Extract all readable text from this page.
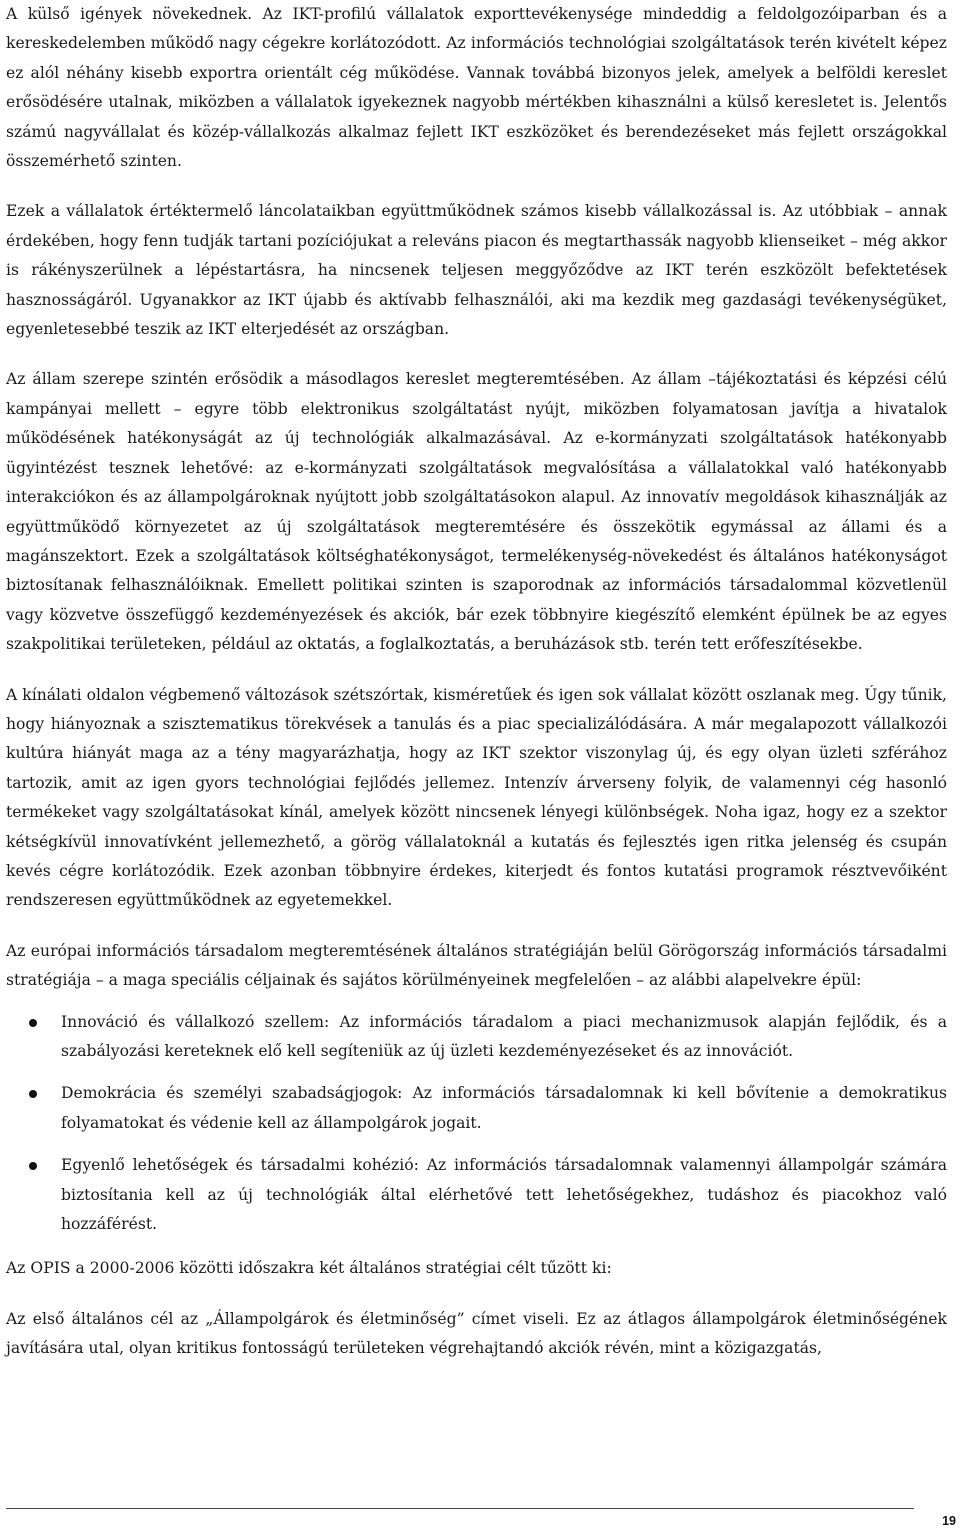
A külső igények növekednek. Az IKT-profilú vállalatok exporttevékenysége mindeddig a feldolgozóiparban és a kereskedelemben működő nagy cégekre korlátozódott. Az információs technológiai szolgáltatások terén kivételt képez ez alól néhány kisebb exportra orientált cég működése. Vannak továbbá bizonyos jelek, amelyek a belföldi kereslet erősödésére utalnak, miközben a vállalatok igyekeznek nagyobb mértékben kihasználni a külső keresletet is. Jelentős számú nagyvállalat és közép-vállalkozás alkalmaz fejlett IKT eszközöket és berendezéseket más fejlett országokkal összemérhető szinten.

Ezek a vállalatok értéktermelő láncolataikban együttműködnek számos kisebb vállalkozással is. Az utóbbiak – annak érdekében, hogy fenn tudják tartani pozíciójukat a releváns piacon és megtarthassák nagyobb klienseiket – még akkor is rákényszerülnek a lépéstartásra, ha nincsenek teljesen meggyőződve az IKT terén eszközölt befektetések hasznosságáról. Ugyanakkor az IKT újabb és aktívabb felhasználói, aki ma kezdik meg gazdasági tevékenységüket, egyenletesebbé teszik az IKT elterjedését az országban.

Az állam szerepe szintén erősödik a másodlagos kereslet megteremtésében. Az állam –tájékoztatási és képzési célú kampányai mellett – egyre több elektronikus szolgáltatást nyújt, miközben folyamatosan javítja a hivatalok működésének hatékonyságát az új technológiák alkalmazásával. Az e-kormányzati szolgáltatások hatékonyabb ügyintézést tesznek lehetővé: az e-kormányzati szolgáltatások megvalósítása a vállalatokkal való hatékonyabb interakciókon és az állampolgároknak nyújtott jobb szolgáltatásokon alapul. Az innovatív megoldások kihasználják az együttműködő környezetet az új szolgáltatások megteremtésére és összekötik egymással az állami és a magánszektort. Ezek a szolgáltatások költséghatékonyságot, termelékenység-növekedést és általános hatékonyságot biztosítanak felhasználóiknak. Emellett politikai szinten is szaporodnak az információs társadalommal közvetlenül vagy közvetve összefüggő kezdeményezések és akciók, bár ezek többnyire kiegészítő elemként épülnek be az egyes szakpolitikai területeken, például az oktatás, a foglalkoztatás, a beruházások stb. terén tett erőfeszítésekbe.

A kínálati oldalon végbemenő változások szétszórtak, kisméretűek és igen sok vállalat között oszlanak meg. Úgy tűnik, hogy hiányoznak a szisztematikus törekvések a tanulás és a piac specializálódására. A már megalapozott vállalkozói kultúra hiányát maga az a tény magyarázhatja, hogy az IKT szektor viszonylag új, és egy olyan üzleti szférához tartozik, amit az igen gyors technológiai fejlődés jellemez. Intenzív árverseny folyik, de valamennyi cég hasonló termékeket vagy szolgáltatásokat kínál, amelyek között nincsenek lényegi különbségek. Noha igaz, hogy ez a szektor kétségkívül innovatívként jellemezhető, a görög vállalatoknál a kutatás és fejlesztés igen ritka jelenség és csupán kevés cégre korlátozódik. Ezek azonban többnyire érdekes, kiterjedt és fontos kutatási programok résztvevőiként rendszeresen együttműködnek az egyetemekkel.

Az európai információs társadalom megteremtésének általános stratégiáján belül Görögország információs társadalmi stratégiája – a maga speciális céljainak és sajátos körülményeinek megfelelően – az alábbi alapelvekre épül:

Innováció és vállalkozó szellem: Az információs táradalom a piaci mechanizmusok alapján fejlődik, és a szabályozási kereteknek elő kell segíteniük az új üzleti kezdeményezéseket és az innovációt.
Demokrácia és személyi szabadságjogok: Az információs társadalomnak ki kell bővítenie a demokratikus folyamatokat és védenie kell az állampolgárok jogait.
Egyenlő lehetőségek és társadalmi kohézió: Az információs társadalomnak valamennyi állampolgár számára biztosítania kell az új technológiák által elérhetővé tett lehetőségekhez, tudáshoz és piacokhoz való hozzáférést.

Az OPIS a 2000-2006 közötti időszakra két általános stratégiai célt tűzött ki:

Az első általános cél az „Állampolgárok és életminőség” címet viseli. Ez az átlagos állampolgárok életminőségének javítására utal, olyan kritikus fontosságú területeken végrehajtandó akciók révén, mint a közigazgatás,

19
